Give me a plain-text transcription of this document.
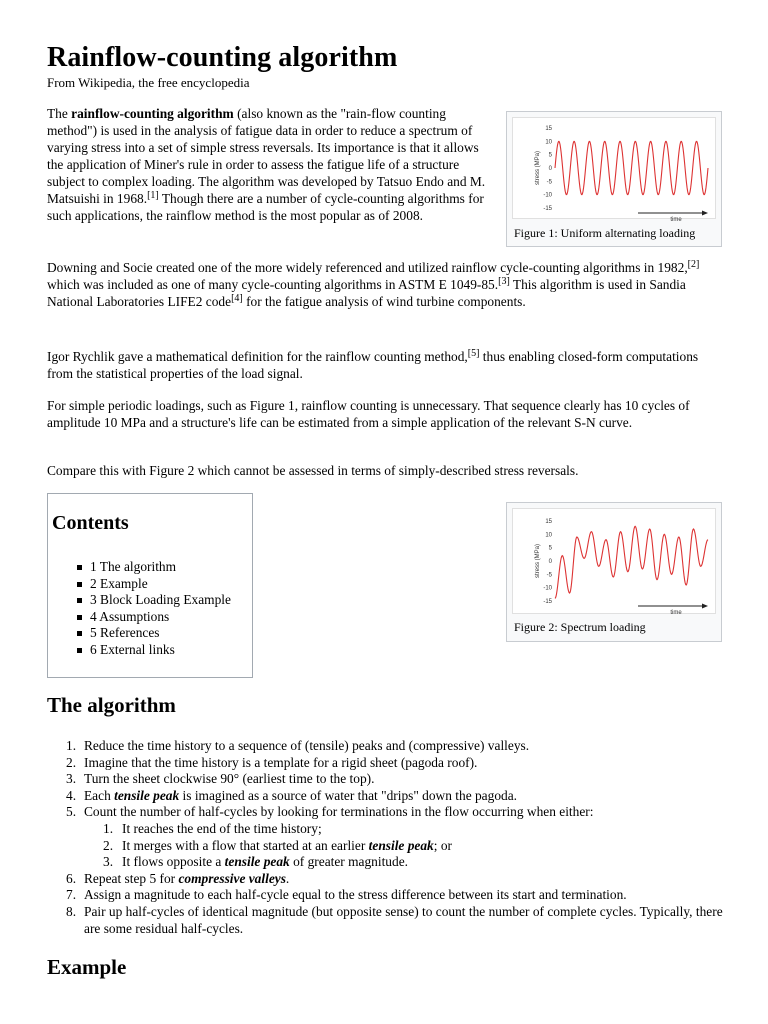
Rainflow-counting algorithm
From Wikipedia, the free encyclopedia

The rainflow-counting algorithm (also known as the "rain-flow counting method") is used in the analysis of fatigue data in order to reduce a spectrum of varying stress into a set of simple stress reversals. Its importance is that it allows the application of Miner's rule in order to assess the fatigue life of a structure subject to complex loading. The algorithm was developed by Tatsuo Endo and M. Matsuishi in 1968.[1] Though there are a number of cycle-counting algorithms for such applications, the rainflow method is the most popular as of 2008.

stress (MPa)
15
10
5
0
-5
-10
-15
time
Figure 1: Uniform alternating loading

Downing and Socie created one of the more widely referenced and utilized rainflow cycle-counting algorithms in 1982,[2] which was included as one of many cycle-counting algorithms in ASTM E 1049-85.[3] This algorithm is used in Sandia National Laboratories LIFE2 code[4] for the fatigue analysis of wind turbine components.

Igor Rychlik gave a mathematical definition for the rainflow counting method,[5] thus enabling closed-form computations from the statistical properties of the load signal.

For simple periodic loadings, such as Figure 1, rainflow counting is unnecessary. That sequence clearly has 10 cycles of amplitude 10 MPa and a structure's life can be estimated from a simple application of the relevant S-N curve.

Compare this with Figure 2 which cannot be assessed in terms of simply-described stress reversals.

Contents
1 The algorithm
2 Example
3 Block Loading Example
4 Assumptions
5 References
6 External links
stress (MPa)
15
10
5
0
-5
-10
-15
time
Figure 2: Spectrum loading
The algorithm
1. Reduce the time history to a sequence of (tensile) peaks and (compressive) valleys.
2. Imagine that the time history is a template for a rigid sheet (pagoda roof).
3. Turn the sheet clockwise 90° (earliest time to the top).
4. Each tensile peak is imagined as a source of water that "drips" down the pagoda.
5. Count the number of half-cycles by looking for terminations in the flow occurring when either:
1. It reaches the end of the time history;
2. It merges with a flow that started at an earlier tensile peak; or
3. It flows opposite a tensile peak of greater magnitude.
6. Repeat step 5 for compressive valleys.
7. Assign a magnitude to each half-cycle equal to the stress difference between its start and termination.
8. Pair up half-cycles of identical magnitude (but opposite sense) to count the number of complete cycles. Typically, there are some residual half-cycles.
Example
